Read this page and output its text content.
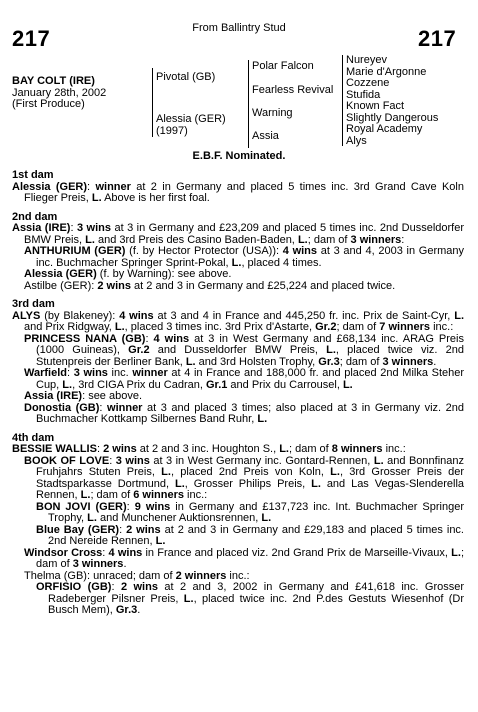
217	From Ballintry Stud	217
BAY COLT (IRE)
January 28th, 2002
(First Produce)
Pivotal (GB)
Alessia (GER)
(1997)
Polar Falcon
Fearless Revival
Warning
Assia
Nureyev
Marie d'Argonne
Cozzene
Stufida
Known Fact
Slightly Dangerous
Royal Academy
Alys
E.B.F. Nominated.
1st dam

Alessia (GER): winner at 2 in Germany and placed 5 times inc. 3rd Grand Cave Koln Flieger Preis, L. Above is her first foal.

2nd dam

Assia (IRE): 3 wins at 3 in Germany and £23,209 and placed 5 times inc. 2nd Dusseldorfer BMW Preis, L. and 3rd Preis des Casino Baden-Baden, L.; dam of 3 winners:

ANTHURIUM (GER) (f. by Hector Protector (USA)): 4 wins at 3 and 4, 2003 in Germany inc. Buchmacher Springer Sprint-Pokal, L., placed 4 times.

Alessia (GER) (f. by Warning): see above.

Astilbe (GER): 2 wins at 2 and 3 in Germany and £25,224 and placed twice.

3rd dam

ALYS (by Blakeney): 4 wins at 3 and 4 in France and 445,250 fr. inc. Prix de Saint-Cyr, L. and Prix Ridgway, L., placed 3 times inc. 3rd Prix d'Astarte, Gr.2; dam of 7 winners inc.:

PRINCESS NANA (GB): 4 wins at 3 in West Germany and £68,134 inc. ARAG Preis (1000 Guineas), Gr.2 and Dusseldorfer BMW Preis, L., placed twice viz. 2nd Stutenpreis der Berliner Bank, L. and 3rd Holsten Trophy, Gr.3; dam of 3 winners.

Warfield: 3 wins inc. winner at 4 in France and 188,000 fr. and placed 2nd Milka Steher Cup, L., 3rd CIGA Prix du Cadran, Gr.1 and Prix du Carrousel, L.

Assia (IRE): see above.

Donostia (GB): winner at 3 and placed 3 times; also placed at 3 in Germany viz. 2nd Buchmacher Kottkamp Silbernes Band Ruhr, L.

4th dam

BESSIE WALLIS: 2 wins at 2 and 3 inc. Houghton S., L.; dam of 8 winners inc.:

BOOK OF LOVE: 3 wins at 3 in West Germany inc. Gontard-Rennen, L. and Bonnfinanz Fruhjahrs Stuten Preis, L., placed 2nd Preis von Koln, L., 3rd Grosser Preis der Stadtsparkasse Dortmund, L., Grosser Philips Preis, L. and Las Vegas-Slenderella Rennen, L.; dam of 6 winners inc.:

BON JOVI (GER): 9 wins in Germany and £137,723 inc. Int. Buchmacher Springer Trophy, L. and Munchener Auktionsrennen, L.

Blue Bay (GER): 2 wins at 2 and 3 in Germany and £29,183 and placed 5 times inc. 2nd Nereide Rennen, L.

Windsor Cross: 4 wins in France and placed viz. 2nd Grand Prix de Marseille-Vivaux, L.; dam of 3 winners.

Thelma (GB): unraced; dam of 2 winners inc.:

ORFISIO (GB): 2 wins at 2 and 3, 2002 in Germany and £41,618 inc. Grosser Radeberger Pilsner Preis, L., placed twice inc. 2nd P.des Gestuts Wiesenhof (Dr Busch Mem), Gr.3.
